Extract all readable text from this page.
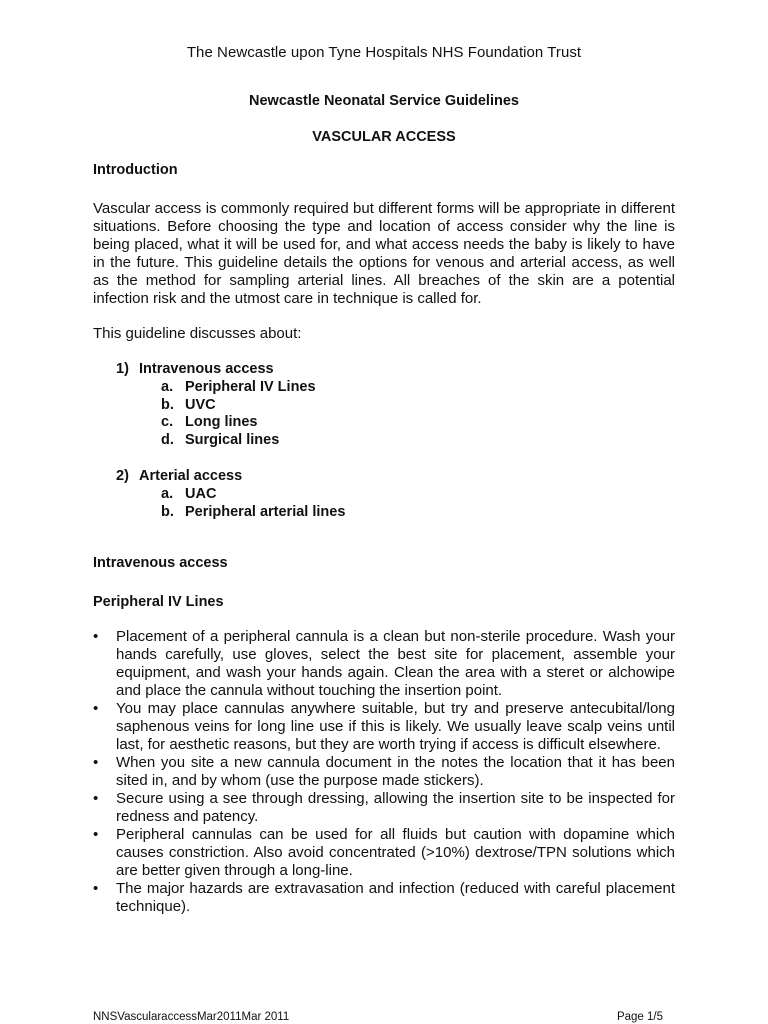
The Newcastle upon Tyne Hospitals NHS Foundation Trust
Newcastle Neonatal Service Guidelines
VASCULAR ACCESS
Introduction
Vascular access is commonly required but different forms will be appropriate in different situations. Before choosing the type and location of access consider why the line is being placed, what it will be used for, and what access needs the baby is likely to have in the future. This guideline details the options for venous and arterial access, as well as the method for sampling arterial lines. All breaches of the skin are a potential infection risk and the utmost care in technique is called for.
This guideline discusses about:
1) Intravenous access
a. Peripheral IV Lines
b. UVC
c. Long lines
d. Surgical lines
2) Arterial access
a. UAC
b. Peripheral arterial lines
Intravenous access
Peripheral IV Lines
• Placement of a peripheral cannula is a clean but non-sterile procedure. Wash your hands carefully, use gloves, select the best site for placement, assemble your equipment, and wash your hands again. Clean the area with a steret or alchowipe and place the cannula without touching the insertion point.
• You may place cannulas anywhere suitable, but try and preserve antecubital/long saphenous veins for long line use if this is likely. We usually leave scalp veins until last, for aesthetic reasons, but they are worth trying if access is difficult elsewhere.
• When you site a new cannula document in the notes the location that it has been sited in, and by whom (use the purpose made stickers).
• Secure using a see through dressing, allowing the insertion site to be inspected for redness and patency.
• Peripheral cannulas can be used for all fluids but caution with dopamine which causes constriction. Also avoid concentrated (>10%) dextrose/TPN solutions which are better given through a long-line.
• The major hazards are extravasation and infection (reduced with careful placement technique).
NNSVascularaccessMar2011Mar 2011	Page 1/5
